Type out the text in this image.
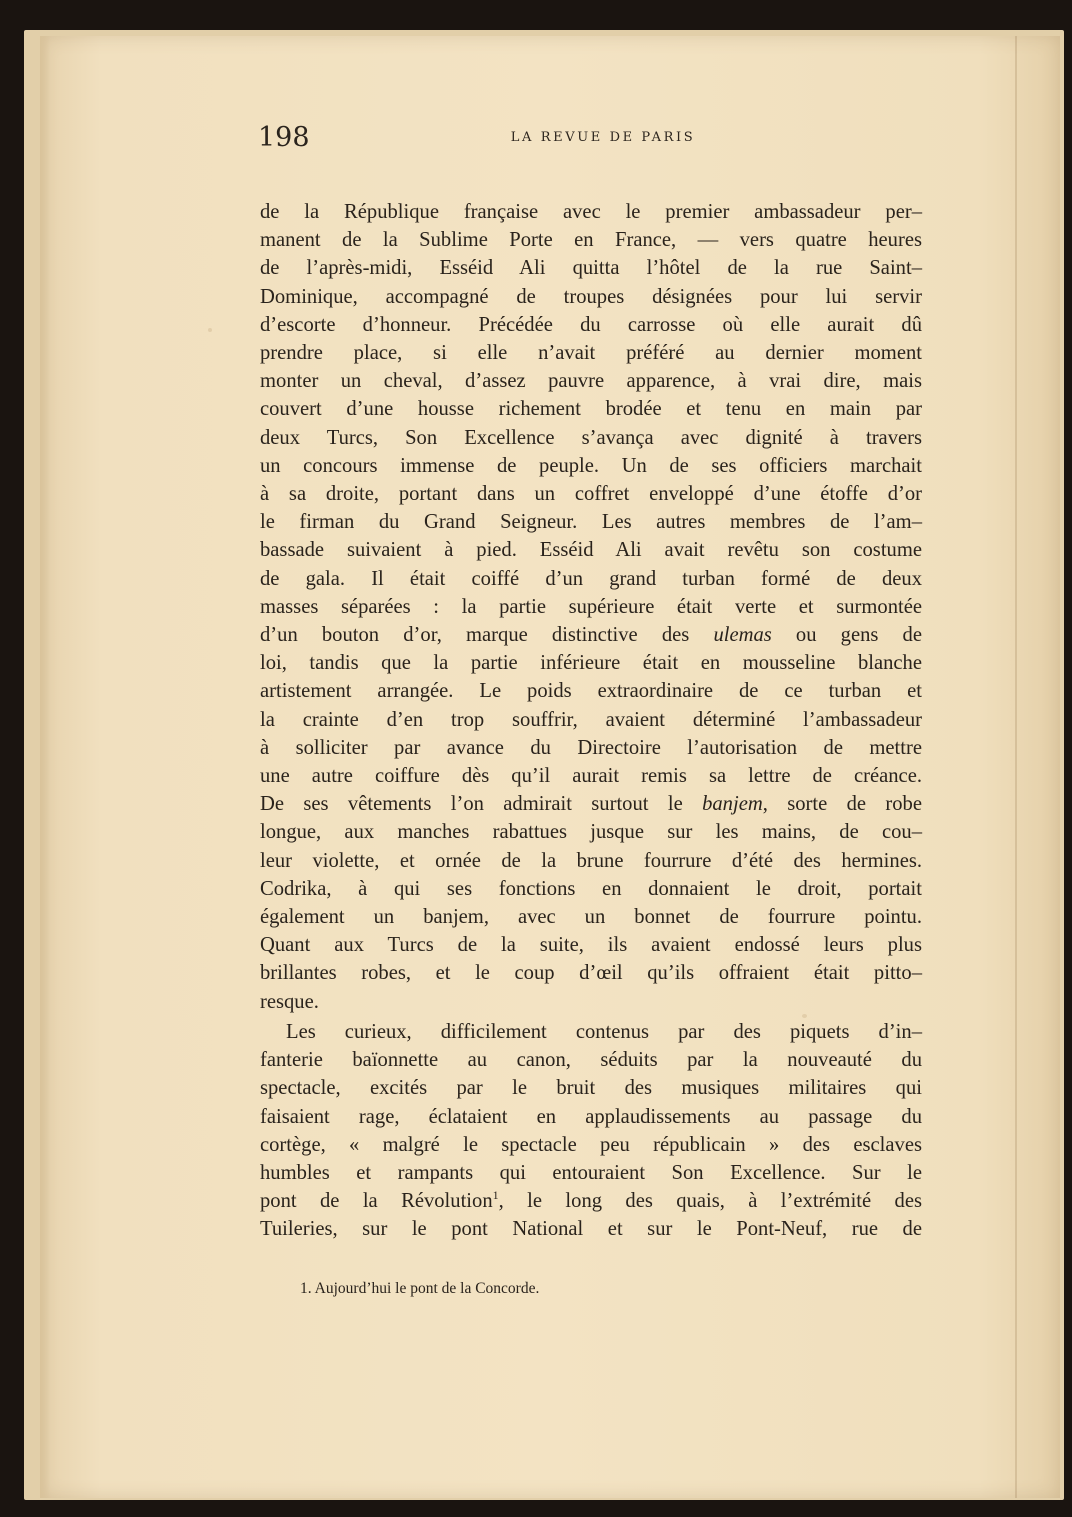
198	LA REVUE DE PARIS

de la République française avec le premier ambassadeur per–
manent de la Sublime Porte en France, — vers quatre heures
de l’après-midi, Esséid Ali quitta l’hôtel de la rue Saint–
Dominique, accompagné de troupes désignées pour lui servir
d’escorte d’honneur. Précédée du carrosse où elle aurait dû
prendre place, si elle n’avait préféré au dernier moment
monter un cheval, d’assez pauvre apparence, à vrai dire, mais
couvert d’une housse richement brodée et tenu en main par
deux Turcs, Son Excellence s’avança avec dignité à travers
un concours immense de peuple. Un de ses officiers marchait
à sa droite, portant dans un coffret enveloppé d’une étoffe d’or
le firman du Grand Seigneur. Les autres membres de l’am–
bassade suivaient à pied. Esséid Ali avait revêtu son costume
de gala. Il était coiffé d’un grand turban formé de deux
masses séparées : la partie supérieure était verte et surmontée
d’un bouton d’or, marque distinctive des ulemas ou gens de
loi, tandis que la partie inférieure était en mousseline blanche
artistement arrangée. Le poids extraordinaire de ce turban et
la crainte d’en trop souffrir, avaient déterminé l’ambassadeur
à solliciter par avance du Directoire l’autorisation de mettre
une autre coiffure dès qu’il aurait remis sa lettre de créance.
De ses vêtements l’on admirait surtout le banjem, sorte de robe
longue, aux manches rabattues jusque sur les mains, de cou–
leur violette, et ornée de la brune fourrure d’été des hermines.
Codrika, à qui ses fonctions en donnaient le droit, portait
également un banjem, avec un bonnet de fourrure pointu.
Quant aux Turcs de la suite, ils avaient endossé leurs plus
brillantes robes, et le coup d’œil qu’ils offraient était pitto–
resque.

Les curieux, difficilement contenus par des piquets d’in–
fanterie baïonnette au canon, séduits par la nouveauté du
spectacle, excités par le bruit des musiques militaires qui
faisaient rage, éclataient en applaudissements au passage du
cortège, « malgré le spectacle peu républicain » des esclaves
humbles et rampants qui entouraient Son Excellence. Sur le
pont de la Révolution$^1$, le long des quais, à l’extrémité des
Tuileries, sur le pont National et sur le Pont-Neuf, rue de

1. Aujourd’hui le pont de la Concorde.
